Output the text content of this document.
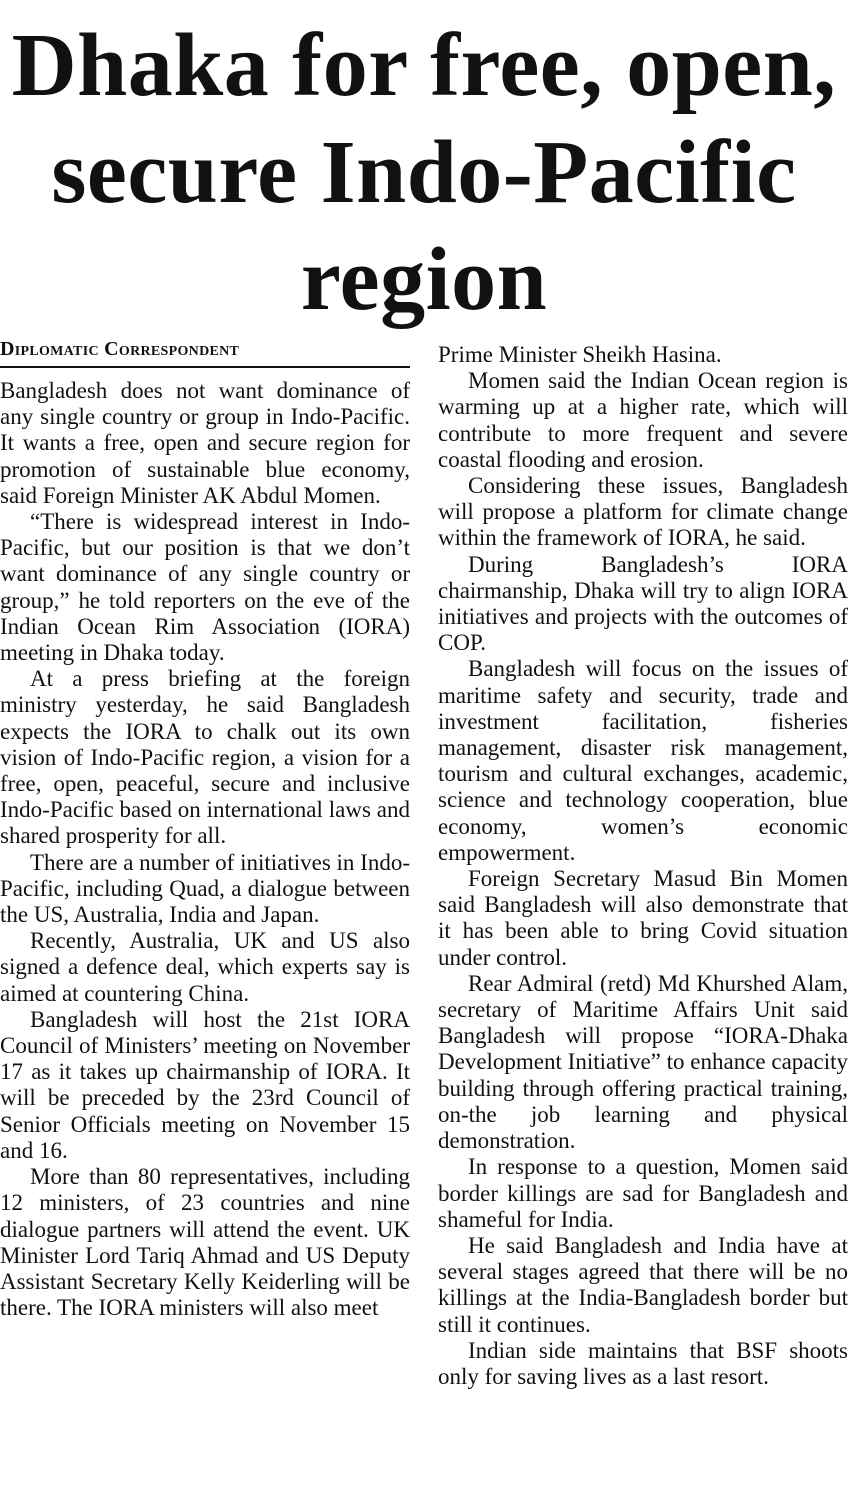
Dhaka for free, open, secure Indo-Pacific region
Diplomatic Correspondent

Bangladesh does not want dominance of any single country or group in Indo-Pacific. It wants a free, open and secure region for promotion of sustainable blue economy, said Foreign Minister AK Abdul Momen.

“There is widespread interest in Indo-Pacific, but our position is that we don’t want dominance of any single country or group,” he told reporters on the eve of the Indian Ocean Rim Association (IORA) meeting in Dhaka today.

At a press briefing at the foreign ministry yesterday, he said Bangladesh expects the IORA to chalk out its own vision of Indo-Pacific region, a vision for a free, open, peaceful, secure and inclusive Indo-Pacific based on international laws and shared prosperity for all.

There are a number of initiatives in Indo-Pacific, including Quad, a dialogue between the US, Australia, India and Japan.

Recently, Australia, UK and US also signed a defence deal, which experts say is aimed at countering China.

Bangladesh will host the 21st IORA Council of Ministers’ meeting on November 17 as it takes up chairmanship of IORA. It will be preceded by the 23rd Council of Senior Officials meeting on November 15 and 16.

More than 80 representatives, including 12 ministers, of 23 countries and nine dialogue partners will attend the event. UK Minister Lord Tariq Ahmad and US Deputy Assistant Secretary Kelly Keiderling will be there. The IORA ministers will also meet

Prime Minister Sheikh Hasina.

Momen said the Indian Ocean region is warming up at a higher rate, which will contribute to more frequent and severe coastal flooding and erosion.

Considering these issues, Bangladesh will propose a platform for climate change within the framework of IORA, he said.

During Bangladesh’s IORA chairmanship, Dhaka will try to align IORA initiatives and projects with the outcomes of COP.

Bangladesh will focus on the issues of maritime safety and security, trade and investment facilitation, fisheries management, disaster risk management, tourism and cultural exchanges, academic, science and technology cooperation, blue economy, women’s economic empowerment.

Foreign Secretary Masud Bin Momen said Bangladesh will also demonstrate that it has been able to bring Covid situation under control.

Rear Admiral (retd) Md Khurshed Alam, secretary of Maritime Affairs Unit said Bangladesh will propose “IORA-Dhaka Development Initiative” to enhance capacity building through offering practical training, on-the job learning and physical demonstration.

In response to a question, Momen said border killings are sad for Bangladesh and shameful for India.

He said Bangladesh and India have at several stages agreed that there will be no killings at the India-Bangladesh border but still it continues.

Indian side maintains that BSF shoots only for saving lives as a last resort.
